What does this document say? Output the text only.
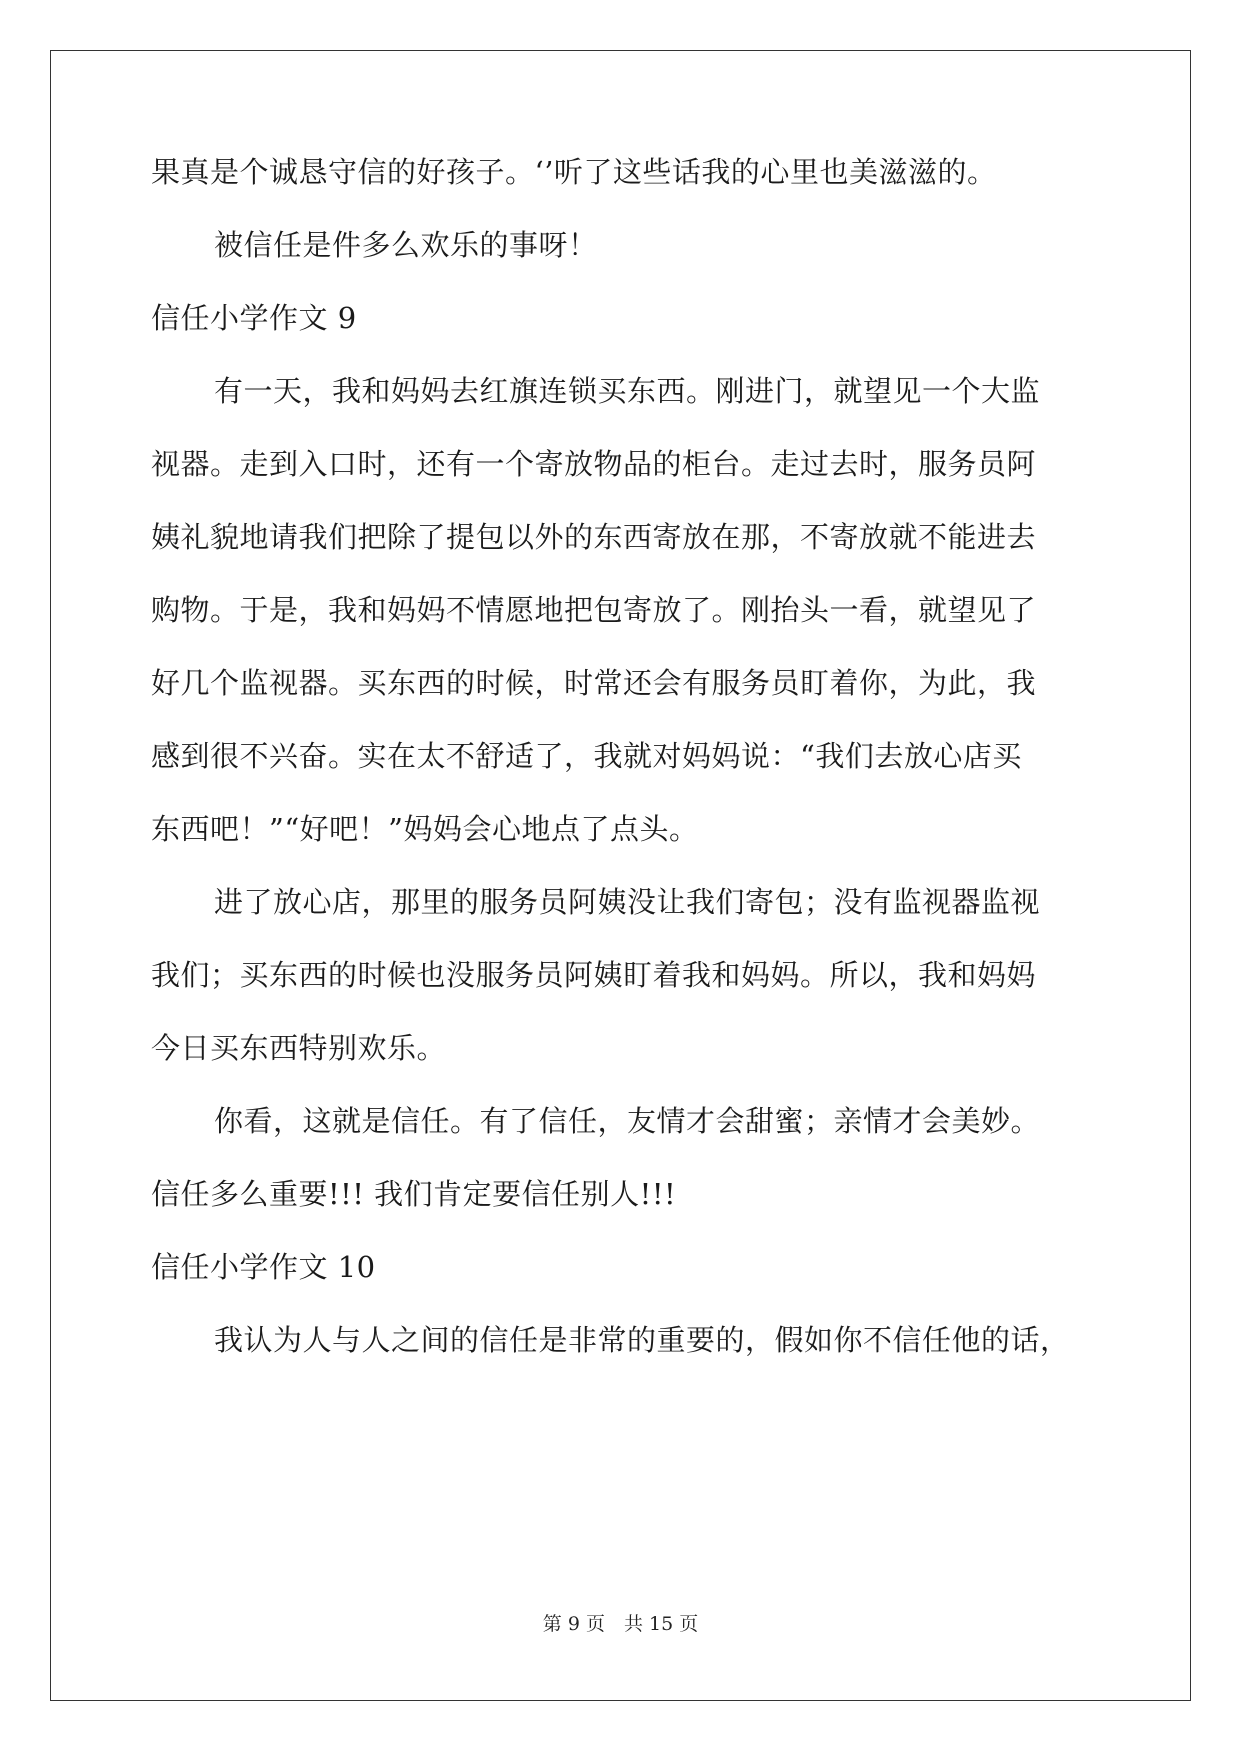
果真是个诚恳守信的好孩子。‘’听了这些话我的心里也美滋滋的。
被信任是件多么欢乐的事呀！
信任小学作文 9
有一天，我和妈妈去红旗连锁买东西。刚进门，就望见一个大监
视器。走到入口时，还有一个寄放物品的柜台。走过去时，服务员阿
姨礼貌地请我们把除了提包以外的东西寄放在那，不寄放就不能进去
购物。于是，我和妈妈不情愿地把包寄放了。刚抬头一看，就望见了
好几个监视器。买东西的时候，时常还会有服务员盯着你，为此，我
感到很不兴奋。实在太不舒适了，我就对妈妈说：“我们去放心店买
东西吧！”“好吧！”妈妈会心地点了点头。
进了放心店，那里的服务员阿姨没让我们寄包；没有监视器监视
我们；买东西的时候也没服务员阿姨盯着我和妈妈。所以，我和妈妈
今日买东西特别欢乐。
你看，这就是信任。有了信任，友情才会甜蜜；亲情才会美妙。
信任多么重要!!! 我们肯定要信任别人!!!
信任小学作文 10
我认为人与人之间的信任是非常的重要的，假如你不信任他的话，
第 9 页　共 15 页
